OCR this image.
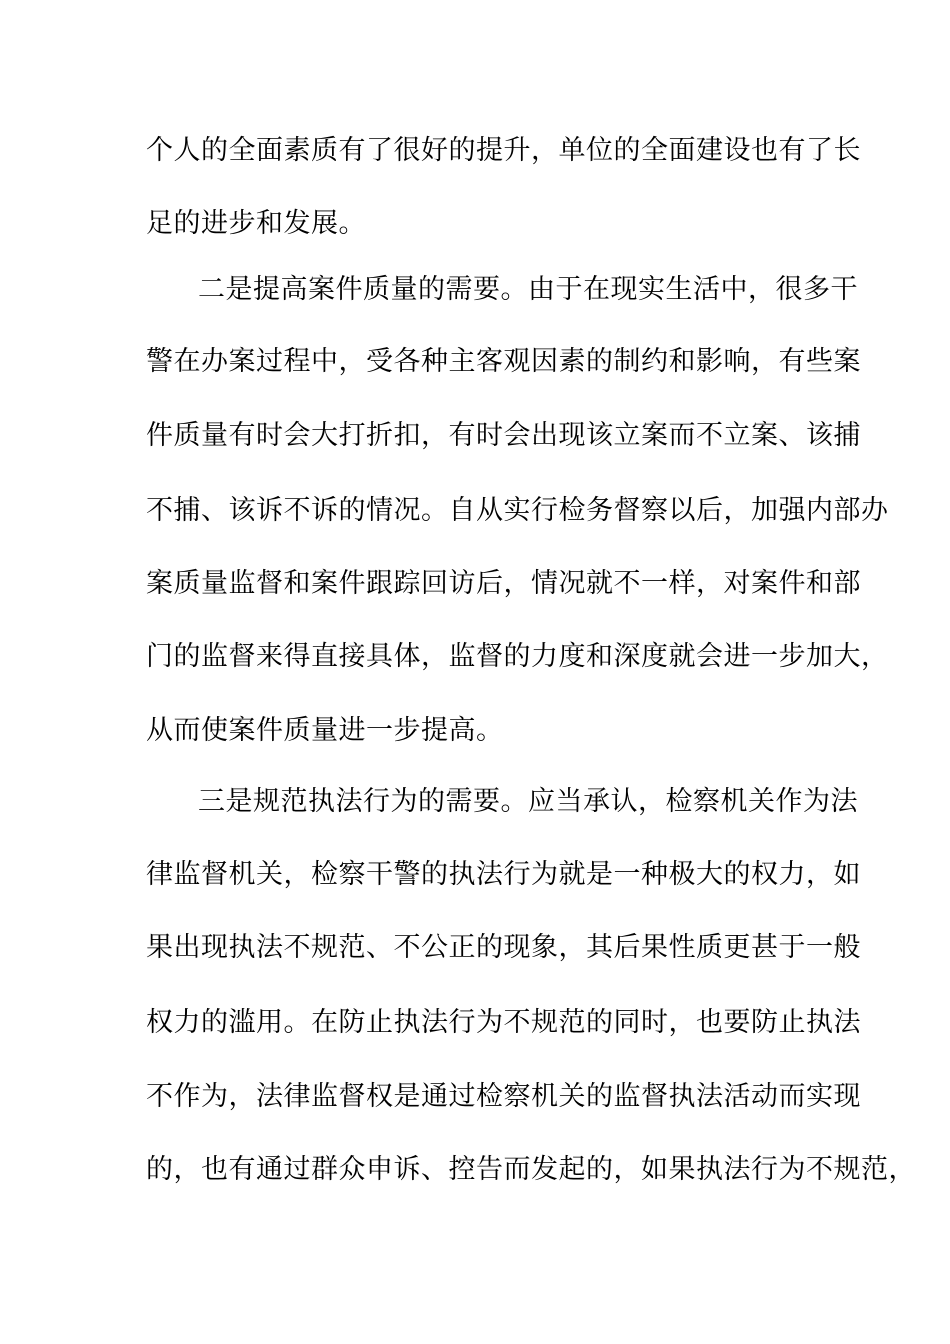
个人的全面素质有了很好的提升，单位的全面建设也有了长
足的进步和发展。
二是提高案件质量的需要。由于在现实生活中，很多干
警在办案过程中，受各种主客观因素的制约和影响，有些案
件质量有时会大打折扣，有时会出现该立案而不立案、该捕
不捕、该诉不诉的情况。自从实行检务督察以后，加强内部办
案质量监督和案件跟踪回访后，情况就不一样，对案件和部
门的监督来得直接具体，监督的力度和深度就会进一步加大，
从而使案件质量进一步提高。
三是规范执法行为的需要。应当承认，检察机关作为法
律监督机关，检察干警的执法行为就是一种极大的权力，如
果出现执法不规范、不公正的现象，其后果性质更甚于一般
权力的滥用。在防止执法行为不规范的同时，也要防止执法
不作为，法律监督权是通过检察机关的监督执法活动而实现
的，也有通过群众申诉、控告而发起的，如果执法行为不规范，
